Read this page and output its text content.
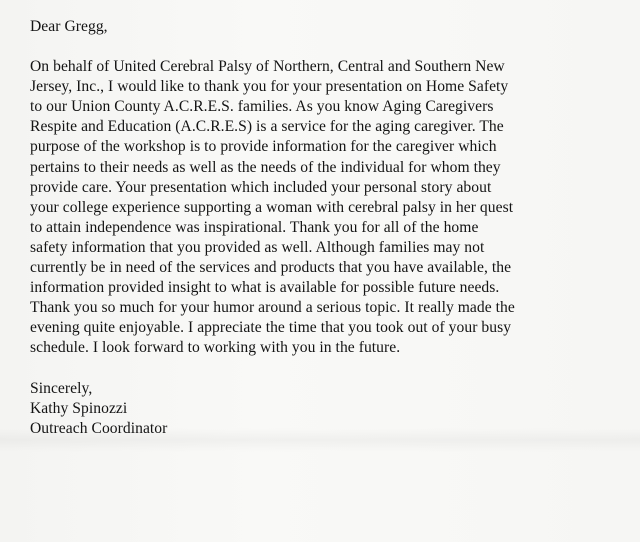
Dear Gregg,

On behalf of United Cerebral Palsy of Northern, Central and Southern New
Jersey, Inc., I would like to thank you for your presentation on Home Safety
to our Union County A.C.R.E.S. families. As you know Aging Caregivers
Respite and Education (A.C.R.E.S) is a service for the aging caregiver. The
purpose of the workshop is to provide information for the caregiver which
pertains to their needs as well as the needs of the individual for whom they
provide care. Your presentation which included your personal story about
your college experience supporting a woman with cerebral palsy in her quest
to attain independence was inspirational. Thank you for all of the home
safety information that you provided as well. Although families may not
currently be in need of the services and products that you have available, the
information provided insight to what is available for possible future needs.
Thank you so much for your humor around a serious topic. It really made the
evening quite enjoyable. I appreciate the time that you took out of your busy
schedule. I look forward to working with you in the future.

Sincerely,
Kathy Spinozzi
Outreach Coordinator
